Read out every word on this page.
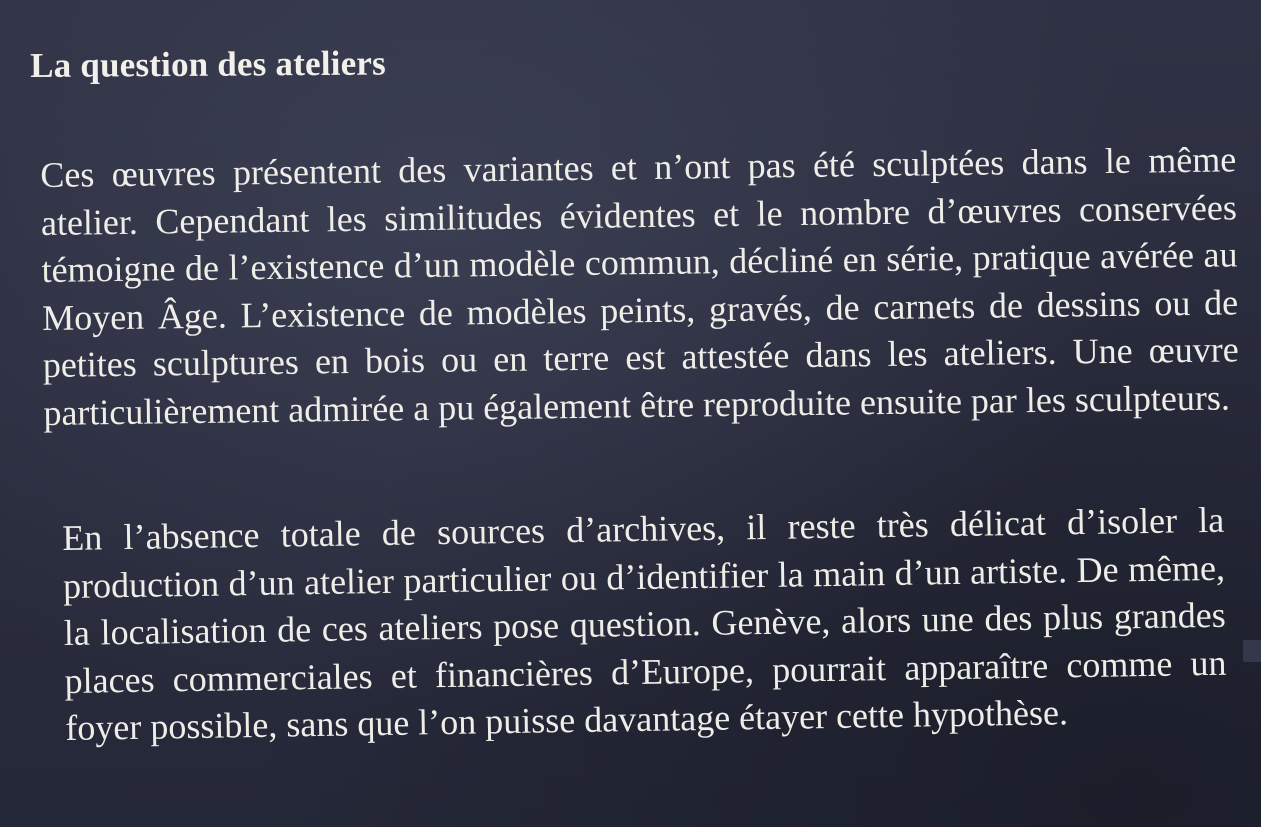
La question des ateliers

Ces œuvres présentent des variantes et n’ont pas été sculptées dans le même atelier. Cependant les similitudes évidentes et le nombre d’œuvres conservées témoigne de l’existence d’un modèle commun, décliné en série, pratique avérée au Moyen Âge. L’existence de modèles peints, gravés, de carnets de dessins ou de petites sculptures en bois ou en terre est attestée dans les ateliers. Une œuvre particulièrement admirée a pu également être reproduite ensuite par les sculpteurs.

En l’absence totale de sources d’archives, il reste très délicat d’isoler la production d’un atelier particulier ou d’identifier la main d’un artiste. De même, la localisation de ces ateliers pose question. Genève, alors une des plus grandes places commerciales et financières d’Europe, pourrait apparaître comme un foyer possible, sans que l’on puisse davantage étayer cette hypothèse.
